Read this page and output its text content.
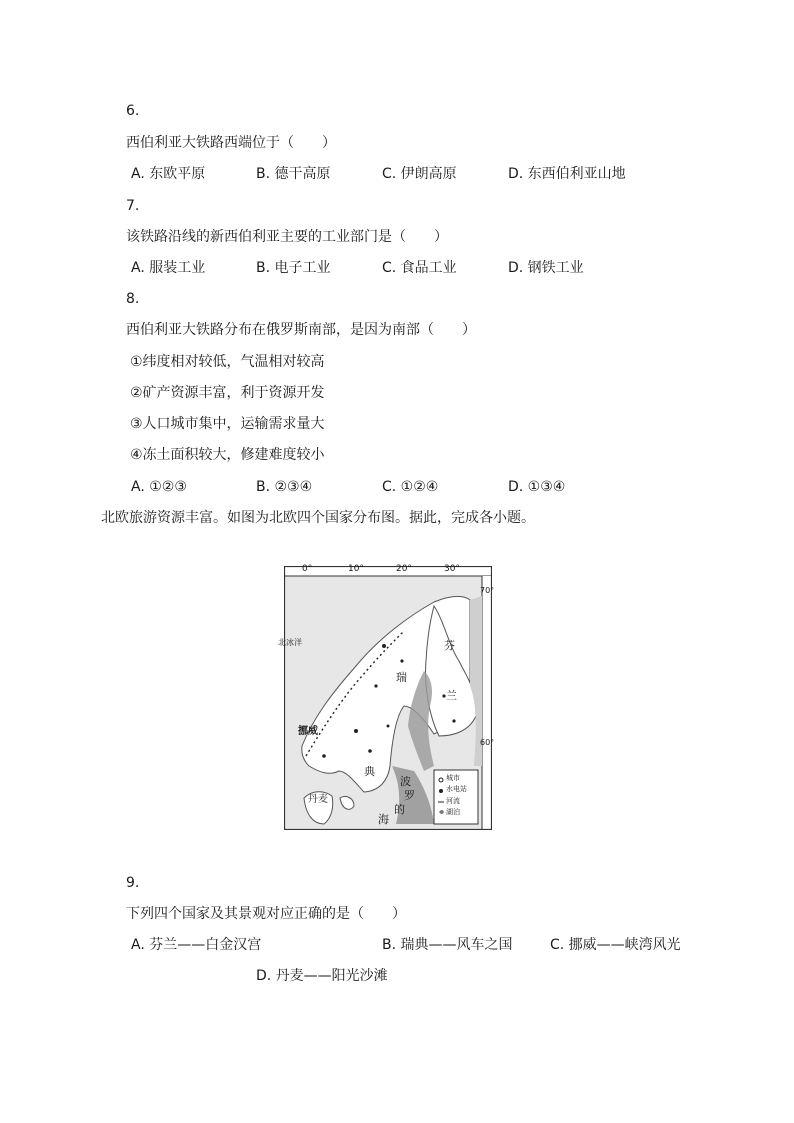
6.
西伯利亚大铁路西端位于（　　）
A. 东欧平原	B. 德干高原	C. 伊朗高原	D. 东西伯利亚山地
7.
该铁路沿线的新西伯利亚主要的工业部门是（　　）
A. 服装工业	B. 电子工业	C. 食品工业	D. 钢铁工业
8.
西伯利亚大铁路分布在俄罗斯南部，是因为南部（　　）
①纬度相对较低，气温相对较高
②矿产资源丰富，利于资源开发
③人口城市集中，运输需求量大
④冻土面积较大，修建难度较小
A. ①②③	B. ②③④	C. ①②④	D. ①③④
北欧旅游资源丰富。如图为北欧四个国家分布图。据此，完成各小题。
0°	10°	20°	30°
70°
60°
北冰洋
挪威
瑞
典
芬
兰
丹麦
波
罗
的
海
城市
水电站
河流
湖泊
9.
下列四个国家及其景观对应正确的是（　　）
A. 芬兰——白金汉宫	B. 瑞典——风车之国	C. 挪威——峡湾风光
D. 丹麦——阳光沙滩
